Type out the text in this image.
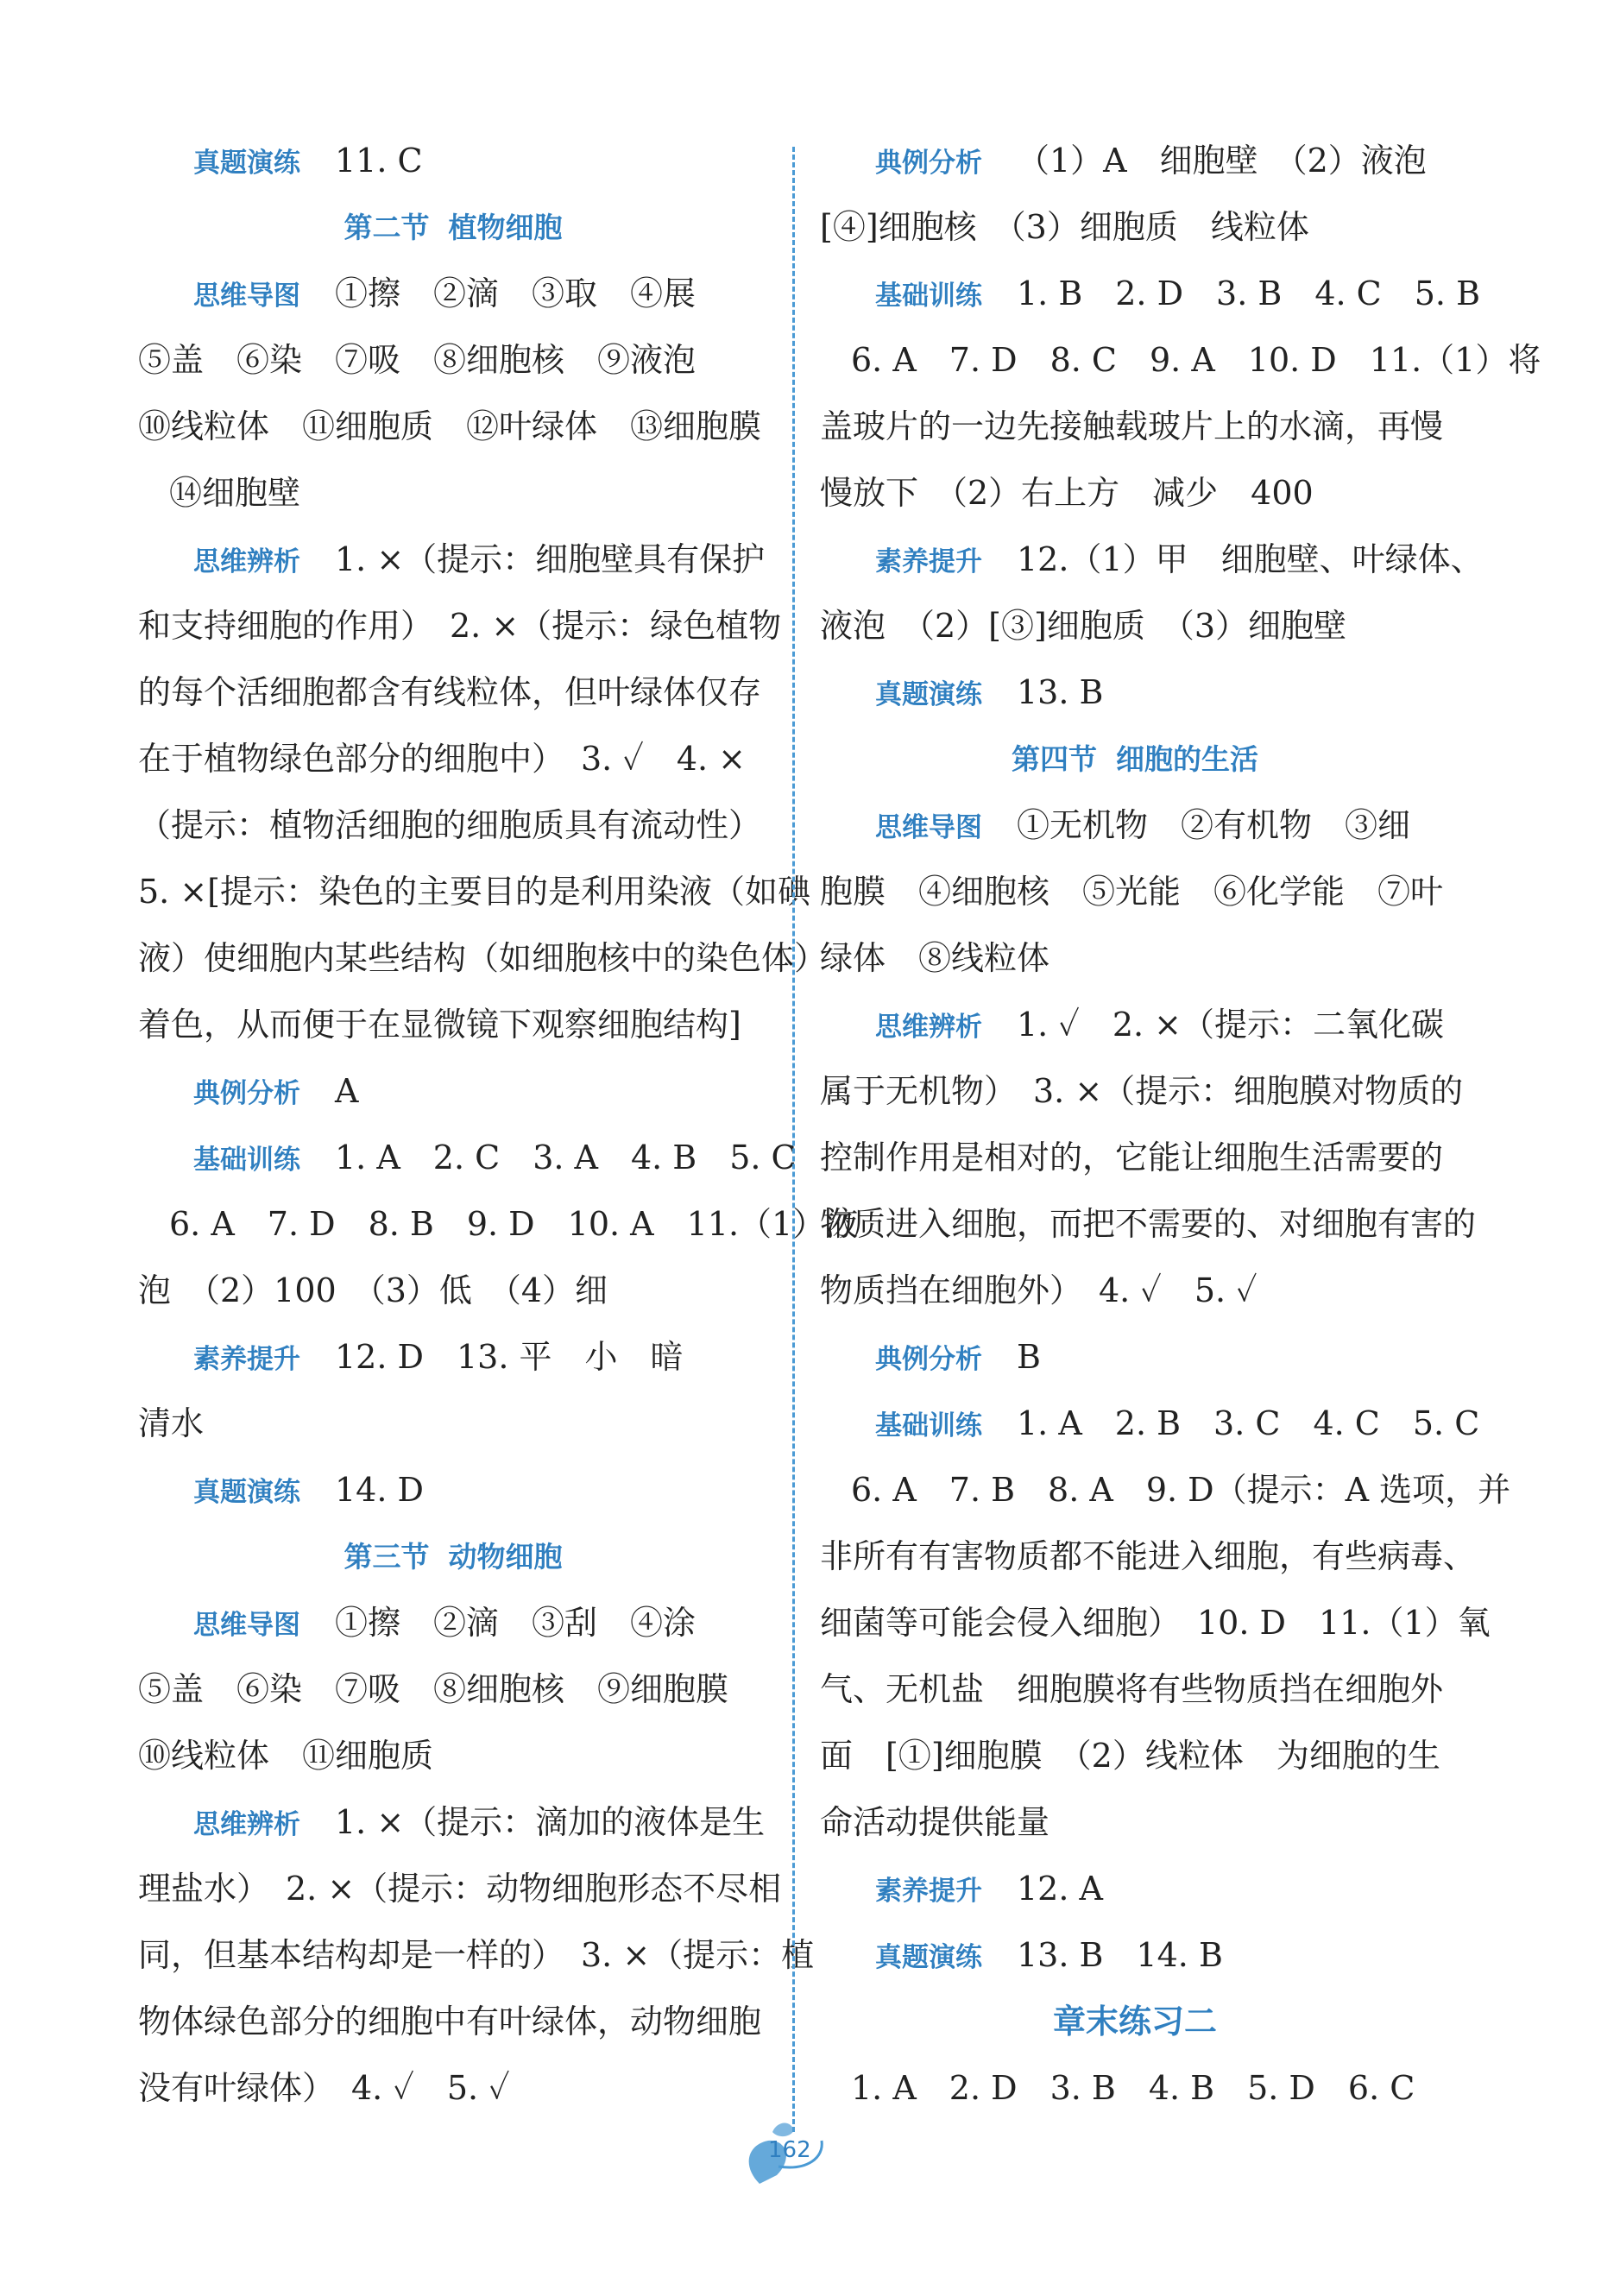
真题演练 11. C
第二节 植物细胞
思维导图 ①擦　②滴　③取　④展
⑤盖　⑥染　⑦吸　⑧细胞核　⑨液泡
⑩线粒体　⑪细胞质　⑫叶绿体　⑬细胞膜
⑭细胞壁
思维辨析 1. ×（提示：细胞壁具有保护
和支持细胞的作用）　2. ×（提示：绿色植物
的每个活细胞都含有线粒体，但叶绿体仅存
在于植物绿色部分的细胞中）　3. ✓　4. ×
（提示：植物活细胞的细胞质具有流动性）
5. ×[提示：染色的主要目的是利用染液（如碘
液）使细胞内某些结构（如细胞核中的染色体）
着色，从而便于在显微镜下观察细胞结构]
典例分析 A
基础训练 1. A　2. C　3. A　4. B　5. C
6. A　7. D　8. B　9. D　10. A　11.（1）液
泡　（2）100　（3）低　（4）细
素养提升 12. D　13. 平　小　暗
清水
真题演练 14. D
第三节 动物细胞
思维导图 ①擦　②滴　③刮　④涂
⑤盖　⑥染　⑦吸　⑧细胞核　⑨细胞膜
⑩线粒体　⑪细胞质
思维辨析 1. ×（提示：滴加的液体是生
理盐水）　2. ×（提示：动物细胞形态不尽相
同，但基本结构却是一样的）　3. ×（提示：植
物体绿色部分的细胞中有叶绿体，动物细胞
没有叶绿体）　4. ✓　5. ✓
典例分析 （1）A　细胞壁　（2）液泡
[④]细胞核　（3）细胞质　线粒体
基础训练 1. B　2. D　3. B　4. C　5. B
6. A　7. D　8. C　9. A　10. D　11.（1）将
盖玻片的一边先接触载玻片上的水滴，再慢
慢放下　（2）右上方　减少　400
素养提升 12.（1）甲　细胞壁、叶绿体、
液泡　（2）[③]细胞质　（3）细胞壁
真题演练 13. B
第四节 细胞的生活
思维导图 ①无机物　②有机物　③细
胞膜　④细胞核　⑤光能　⑥化学能　⑦叶
绿体　⑧线粒体
思维辨析 1. ✓　2. ×（提示：二氧化碳
属于无机物）　3. ×（提示：细胞膜对物质的
控制作用是相对的，它能让细胞生活需要的
物质进入细胞，而把不需要的、对细胞有害的
物质挡在细胞外）　4. ✓　5. ✓
典例分析 B
基础训练 1. A　2. B　3. C　4. C　5. C
6. A　7. B　8. A　9. D（提示：A 选项，并
非所有有害物质都不能进入细胞，有些病毒、
细菌等可能会侵入细胞）　10. D　11.（1）氧
气、无机盐　细胞膜将有些物质挡在细胞外
面　[①]细胞膜　（2）线粒体　为细胞的生
命活动提供能量
素养提升 12. A
真题演练 13. B　14. B
章末练习二
1. A　2. D　3. B　4. B　5. D　6. C
162
